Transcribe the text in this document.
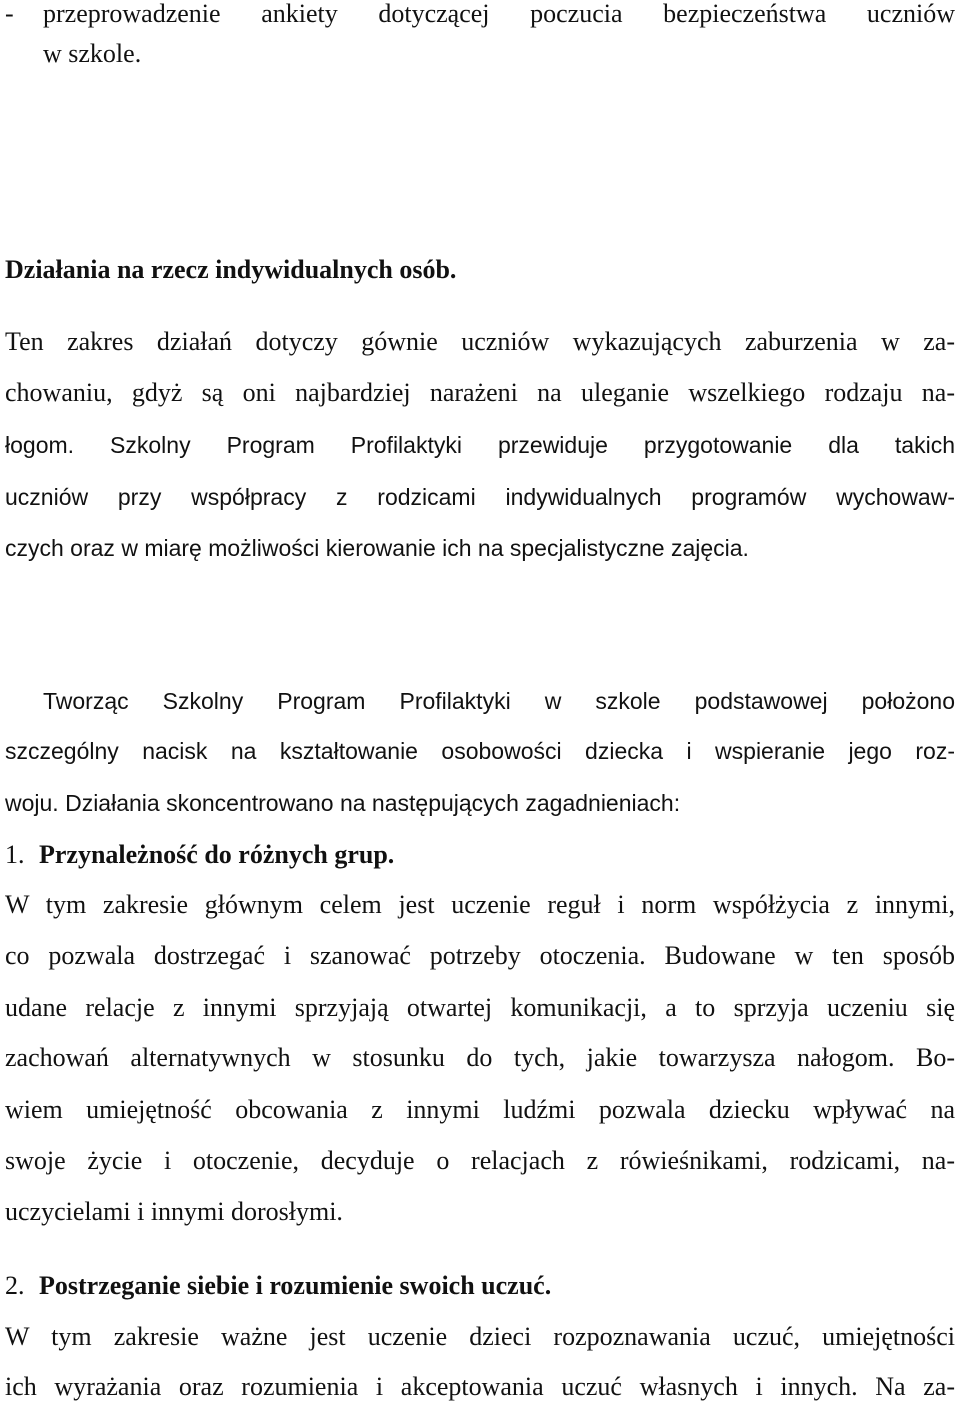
- przeprowadzenie ankiety dotyczącej poczucia bezpieczeństwa uczniów
w szkole.
Działania na rzecz indywidualnych osób.
Ten zakres działań dotyczy gównie uczniów wykazujących zaburzenia w za-
chowaniu, gdyż są oni najbardziej narażeni na uleganie wszelkiego rodzaju na-
łogom. Szkolny Program Profilaktyki przewiduje przygotowanie dla takich
uczniów przy współpracy z rodzicami indywidualnych programów wychowaw-
czych oraz w miarę możliwości kierowanie ich na specjalistyczne zajęcia.
Tworząc Szkolny Program Profilaktyki w szkole podstawowej położono
szczególny nacisk na kształtowanie osobowości dziecka i wspieranie jego roz-
woju. Działania skoncentrowano na następujących zagadnieniach:
1. Przynależność do różnych grup.
W tym zakresie głównym celem jest uczenie reguł i norm współżycia z innymi,
co pozwala dostrzegać i szanować potrzeby otoczenia. Budowane w ten sposób
udane relacje z innymi sprzyjają otwartej komunikacji, a to sprzyja uczeniu się
zachowań alternatywnych w stosunku do tych, jakie towarzysza nałogom. Bo-
wiem umiejętność obcowania z innymi ludźmi pozwala dziecku wpływać na
swoje życie i otoczenie, decyduje o relacjach z rówieśnikami, rodzicami, na-
uczycielami i innymi dorosłymi.
2. Postrzeganie siebie i rozumienie swoich uczuć.
W tym zakresie ważne jest uczenie dzieci rozpoznawania uczuć, umiejętności
ich wyrażania oraz rozumienia i akceptowania uczuć własnych i innych. Na za-
